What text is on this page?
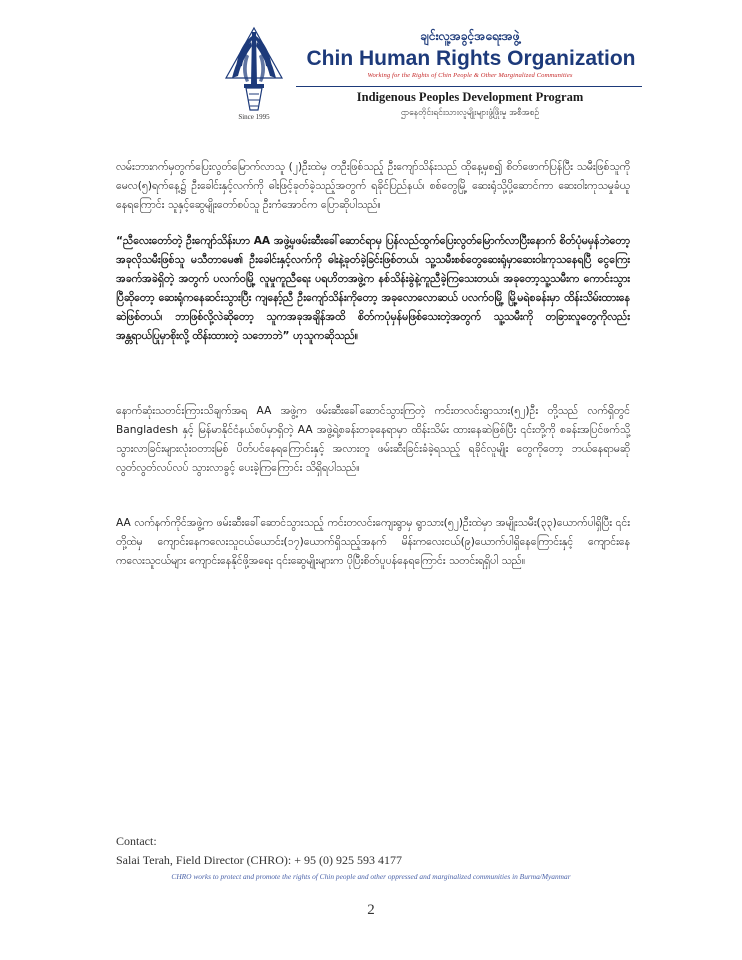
ချင်းလူ့အခွင့်အရေးအဖွဲ့
Chin Human Rights Organization
Working for the Rights of Chin People & Other Marginalized Communities
Indigenous Peoples Development Program
ဌာနေတိုင်းရင်းသားလူမျိုးများဖွံ့ဖြိုးမှု အစီအစဉ်
Since 1995

လမ်းဘားဂက်မှတွက်ပြေးလွတ်မြောက်လာသူ (၂)ဦးထဲမှ တဦးဖြစ်သည့် ဦးကျော်သိန်းသည် ထိုနေ့မှစ၍ စိတ်ဖောက်ပြန်ပြီး သမီးဖြစ်သူကို မေလ(၅)ရက်နေ့၌ ဦးခေါင်းနှင့်လက်ကို ဓါးဖြင့်ခုတ်ခဲ့သည့်အတွက် ရခိုင်ပြည်နယ်၊ စစ်တွေမြို့ ဆေးရုံသို့ပို့ဆောင်ကာ ဆေးဝါးကုသမှုခံယူနေရကြောင်း သူနှင့်ဆွေမျိုးတော်စပ်သူ ဦးကံအောင်က ပြောဆိုပါသည်။

“ညီလေးတော်တဲ့ ဦးကျော်သိန်းဟာ AA အဖွဲ့မှဖမ်းဆီးခေါ်ဆောင်ရာမှ ပြန်လည်ထွက်ပြေးလွတ်မြောက်လာပြီးနောက် စိတ်ပုံမမှန်ဘဲတော့ အခုလိုသမီးဖြစ်သူ မသီတာမေ၏ ဦးခေါင်းနှင့်လက်ကို ဓါးနဲ့ခုတ်ခဲ့ခြင်းဖြစ်တယ်၊ သူ့သမီးစစ်တွေဆေးရုံမှာဆေးဝါးကုသနေရပြီ ငွေကြေးအခက်အခဲရှိတဲ့ အတွက် ပလက်ဝမြို့ လူမှုကူညီရေး ပရဟိတအဖွဲ့က နစ်သိန်းခွဲနဲ့ကူညီခဲ့ကြသေးတယ်၊ အခုတော့သူ့သမီးက ကောင်းသွားပြီဆိုတော့ ဆေးရုံကနေဆင်းသွားပြီး ကျနော့်ညီ ဦးကျော်သိန်းကိုတော့ အခုလောလောဆယ် ပလက်ဝမြို့ မြို့မရဲစခန်းမှာ ထိန်းသိမ်းထားနေဆဲဖြစ်တယ်၊ ဘာဖြစ်လို့လဲဆိုတော့ သူကအခုအချိန်အထိ စိတ်ကပုံမှန်မဖြစ်သေးတဲ့အတွက် သူ့သမီးကို တခြားလူတွေကိုလည်း အန္တရာယ်ပြုမှာစိုးလို့ ထိန်းထားတဲ့ သဘောဘဲ” ဟုသူကဆိုသည်။

နောက်ဆုံးသတင်းကြားသိချက်အရ AA အဖွဲ့က ဖမ်းဆီးခေါ်ဆောင်သွားကြတဲ့ ကင်းတလင်းရွာသား(၅၂)ဦး တို့သည် လက်ရှိတွင် Bangladesh နှင့် မြန်မာနိုင်ငံနယ်စပ်မှာရှိတဲ့ AA အဖွဲ့ရဲ့စခန်းတခုနေရာမှာ ထိန်းသိမ်း ထားနေဆဲဖြစ်ပြီး ၎င်းတို့ကို စခန်းအပြင်ဖက်သို့ သွားလာခြင်းများလုံးဝတားမြစ် ပိတ်ပင်နေရကြောင်းနှင့် အလားတူ ဖမ်းဆီးခြင်းခံခဲ့ရသည့် ရခိုင်လူမျိုး တွေကိုတော့ ဘယ်နေရာမဆို လွတ်လွတ်လပ်လပ် သွားလာခွင့် ပေးခဲ့ကြကြောင်း သိရှိရပါသည်။

AA လက်နက်ကိုင်အဖွဲ့က ဖမ်းဆီးခေါ်ဆောင်သွားသည့် ကင်းတလင်းကျေးရွာမှ ရွာသား(၅၂)ဦးထဲမှာ အမျိုးသမီး(၃၃)ယောက်ပါရှိပြီး ၎င်းတို့ထဲမှ ကျောင်းနေကလေးသူငယ်ယောင်း(၁၇)ယောက်ရှိသည့်အနက် မိန်းကလေးငယ်(၉)ယောက်ပါရှိနေကြောင်းနှင့် ကျောင်းနေကလေးသူငယ်များ ကျောင်းနေနိုင်ဖို့အရေး ၎င်းဆွေမျိုးများက ပိုပြီးစိတ်ပူပန်နေရကြောင်း သတင်းရရှိပါ သည်။

Contact:
Salai Terah, Field Director (CHRO): + 95 (0) 925 593 4177
CHRO works to protect and promote the rights of Chin people and other oppressed and marginalized communities in Burma/Myanmar
2
